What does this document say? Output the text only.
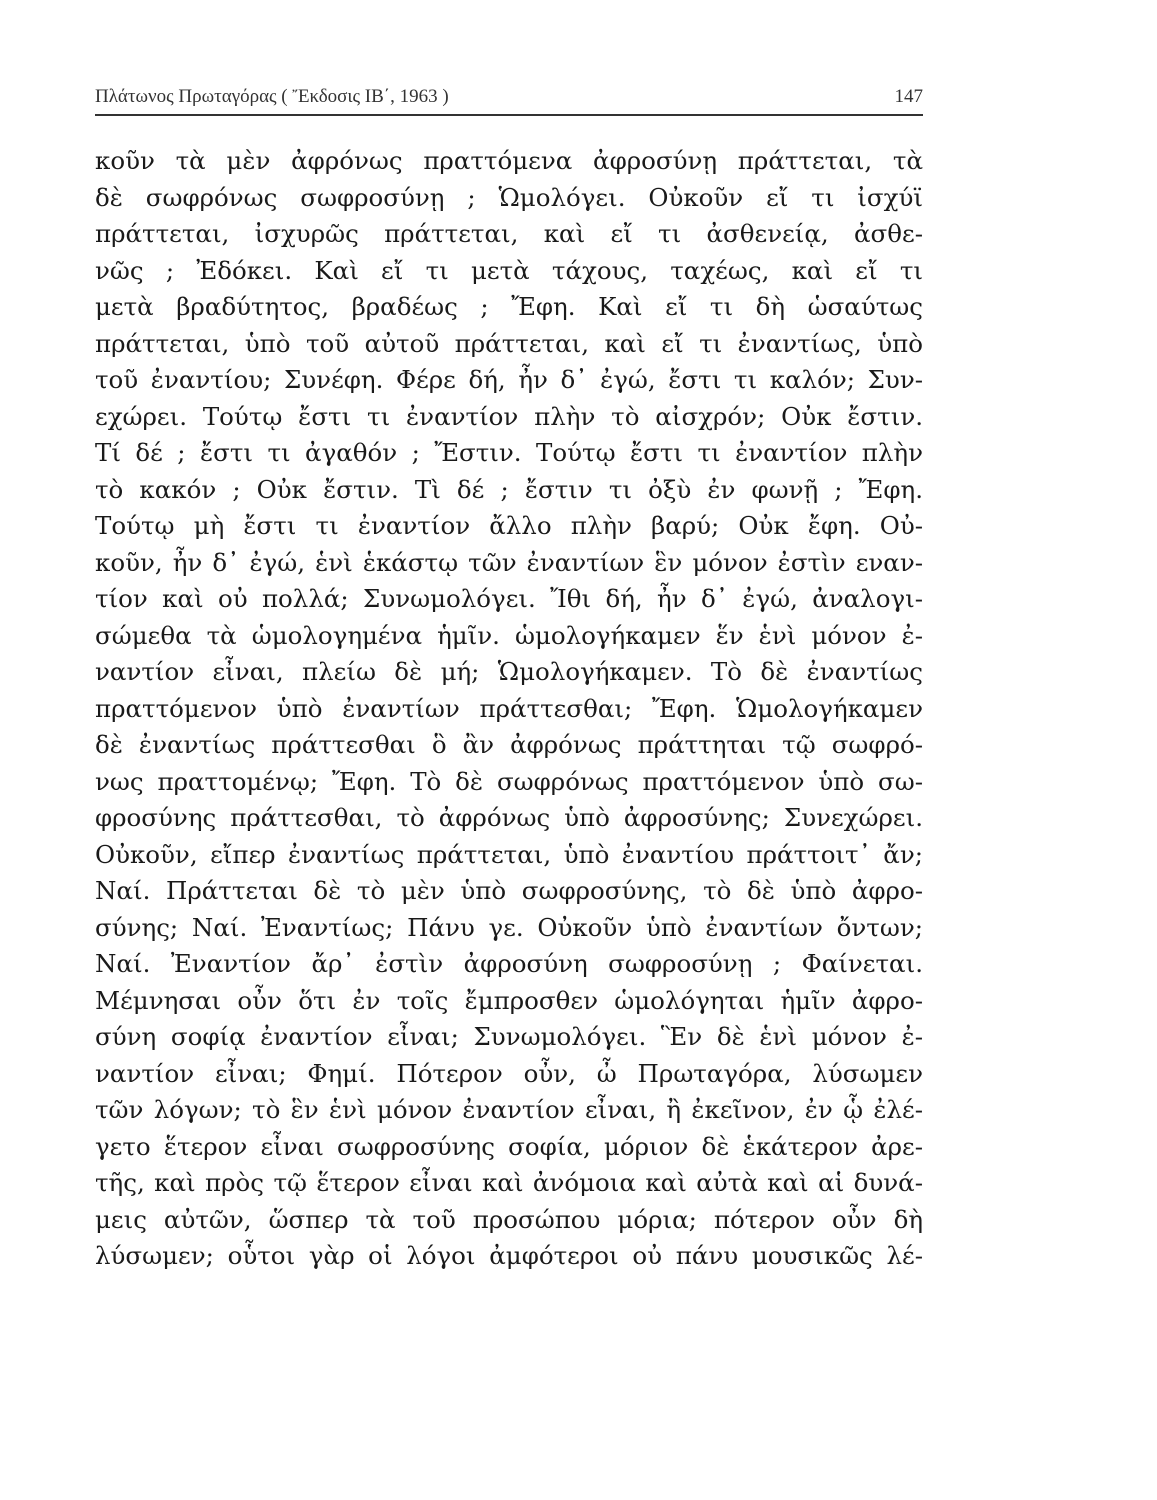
Πλάτωνος Πρωταγόρας ( Ἔκδοσις ΙΒ΄, 1963 )	147
κοῦν τὰ μὲν ἀφρόνως πραττόμενα ἀφροσύνῃ πράττεται, τὰ
δὲ σωφρόνως σωφροσύνῃ ; Ὡμολόγει. Οὐκοῦν εἴ τι ἰσχύϊ
πράττεται, ἰσχυρῶς πράττεται, καὶ εἴ τι ἀσθενείᾳ, ἀσθε-
νῶς ; Ἐδόκει. Καὶ εἴ τι μετὰ τάχους, ταχέως, καὶ εἴ τι
μετὰ βραδύτητος, βραδέως ; Ἔφη. Καὶ εἴ τι δὴ ὡσαύτως
πράττεται, ὑπὸ τοῦ αὐτοῦ πράττεται, καὶ εἴ τι ἐναντίως, ὑπὸ
τοῦ ἐναντίου; Συνέφη. Φέρε δή, ἦν δ᾽ ἐγώ, ἔστι τι καλόν; Συν-
εχώρει. Τούτῳ ἔστι τι ἐναντίον πλὴν τὸ αἰσχρόν; Οὐκ ἔστιν.
Τί δέ ; ἔστι τι ἀγαθόν ; Ἔστιν. Τούτῳ ἔστι τι ἐναντίον πλὴν
τὸ κακόν ; Οὐκ ἔστιν. Τὶ δέ ; ἔστιν τι ὀξὺ ἐν φωνῇ ; Ἔφη.
Τούτῳ μὴ ἔστι τι ἐναντίον ἄλλο πλὴν βαρύ; Οὐκ ἔφη. Οὐ-
κοῦν, ἦν δ᾽ ἐγώ, ἑνὶ ἑκάστῳ τῶν ἐναντίων ἓν μόνον ἐστὶν εναν-
τίον καὶ οὐ πολλά; Συνωμολόγει. Ἴθι δή, ἦν δ᾽ ἐγώ, ἀναλογι-
σώμεθα τὰ ὡμολογημένα ἡμῖν. ὡμολογήκαμεν ἕν ἑνὶ μόνον ἐ-
ναντίον εἶναι, πλείω δὲ μή; Ὡμολογήκαμεν. Τὸ δὲ ἐναντίως
πραττόμενον ὑπὸ ἐναντίων πράττεσθαι; Ἔφη. Ὡμολογήκαμεν
δὲ ἐναντίως πράττεσθαι ὃ ἂν ἀφρόνως πράττηται τῷ σωφρό-
νως πραττομένῳ; Ἔφη. Τὸ δὲ σωφρόνως πραττόμενον ὑπὸ σω-
φροσύνης πράττεσθαι, τὸ ἀφρόνως ὑπὸ ἀφροσύνης; Συνεχώρει.
Οὐκοῦν, εἴπερ ἐναντίως πράττεται, ὑπὸ ἐναντίου πράττοιτ᾽ ἄν;
Ναί. Πράττεται δὲ τὸ μὲν ὑπὸ σωφροσύνης, τὸ δὲ ὑπὸ ἀφρο-
σύνης; Ναί. Ἐναντίως; Πάνυ γε. Οὐκοῦν ὑπὸ ἐναντίων ὄντων;
Ναί. Ἐναντίον ἄρ᾽ ἐστὶν ἀφροσύνη σωφροσύνῃ ; Φαίνεται.
Μέμνησαι οὖν ὅτι ἐν τοῖς ἔμπροσθεν ὡμολόγηται ἡμῖν ἀφρο-
σύνη σοφίᾳ ἐναντίον εἶναι; Συνωμολόγει. Ἓν δὲ ἑνὶ μόνον ἐ-
ναντίον εἶναι; Φημί. Πότερον οὖν, ὦ Πρωταγόρα, λύσωμεν
τῶν λόγων; τὸ ἓν ἑνὶ μόνον ἐναντίον εἶναι, ἢ ἐκεῖνον, ἐν ᾧ ἐλέ-
γετο ἕτερον εἶναι σωφροσύνης σοφία, μόριον δὲ ἑκάτερον ἀρε-
τῆς, καὶ πρὸς τῷ ἕτερον εἶναι καὶ ἀνόμοια καὶ αὐτὰ καὶ αἱ δυνά-
μεις αὐτῶν, ὥσπερ τὰ τοῦ προσώπου μόρια; πότερον οὖν δὴ
λύσωμεν; οὗτοι γὰρ οἱ λόγοι ἀμφότεροι οὐ πάνυ μουσικῶς λέ-
